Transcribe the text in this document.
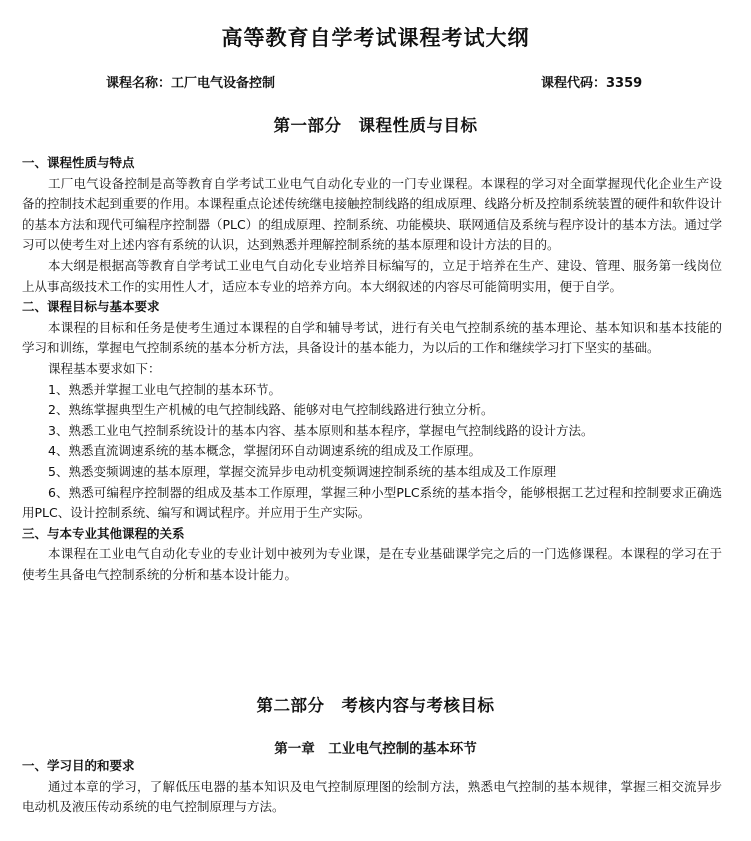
高等教育自学考试课程考试大纲
课程名称：工厂电气设备控制	课程代码：3359
第一部分　课程性质与目标

一、课程性质与特点

工厂电气设备控制是高等教育自学考试工业电气自动化专业的一门专业课程。本课程的学习对全面掌握现代化企业生产设备的控制技术起到重要的作用。本课程重点论述传统继电接触控制线路的组成原理、线路分析及控制系统装置的硬件和软件设计的基本方法和现代可编程序控制器（PLC）的组成原理、控制系统、功能模块、联网通信及系统与程序设计的基本方法。通过学习可以使考生对上述内容有系统的认识，达到熟悉并理解控制系统的基本原理和设计方法的目的。

本大纲是根据高等教育自学考试工业电气自动化专业培养目标编写的，立足于培养在生产、建设、管理、服务第一线岗位上从事高级技术工作的实用性人才，适应本专业的培养方向。本大纲叙述的内容尽可能简明实用，便于自学。

二、课程目标与基本要求

本课程的目标和任务是使考生通过本课程的自学和辅导考试，进行有关电气控制系统的基本理论、基本知识和基本技能的学习和训练，掌握电气控制系统的基本分析方法，具备设计的基本能力，为以后的工作和继续学习打下坚实的基础。

课程基本要求如下：

1、熟悉并掌握工业电气控制的基本环节。

2、熟练掌握典型生产机械的电气控制线路、能够对电气控制线路进行独立分析。

3、熟悉工业电气控制系统设计的基本内容、基本原则和基本程序，掌握电气控制线路的设计方法。

4、熟悉直流调速系统的基本概念，掌握闭环自动调速系统的组成及工作原理。

5、熟悉变频调速的基本原理，掌握交流异步电动机变频调速控制系统的基本组成及工作原理

6、熟悉可编程序控制器的组成及基本工作原理，掌握三种小型PLC系统的基本指令，能够根据工艺过程和控制要求正确选用PLC、设计控制系统、编写和调试程序。并应用于生产实际。

三、与本专业其他课程的关系

本课程在工业电气自动化专业的专业计划中被列为专业课，是在专业基础课学完之后的一门选修课程。本课程的学习在于使考生具备电气控制系统的分析和基本设计能力。

第二部分　考核内容与考核目标
第一章　工业电气控制的基本环节

一、学习目的和要求

通过本章的学习，了解低压电器的基本知识及电气控制原理图的绘制方法，熟悉电气控制的基本规律，掌握三相交流异步电动机及液压传动系统的电气控制原理与方法。
